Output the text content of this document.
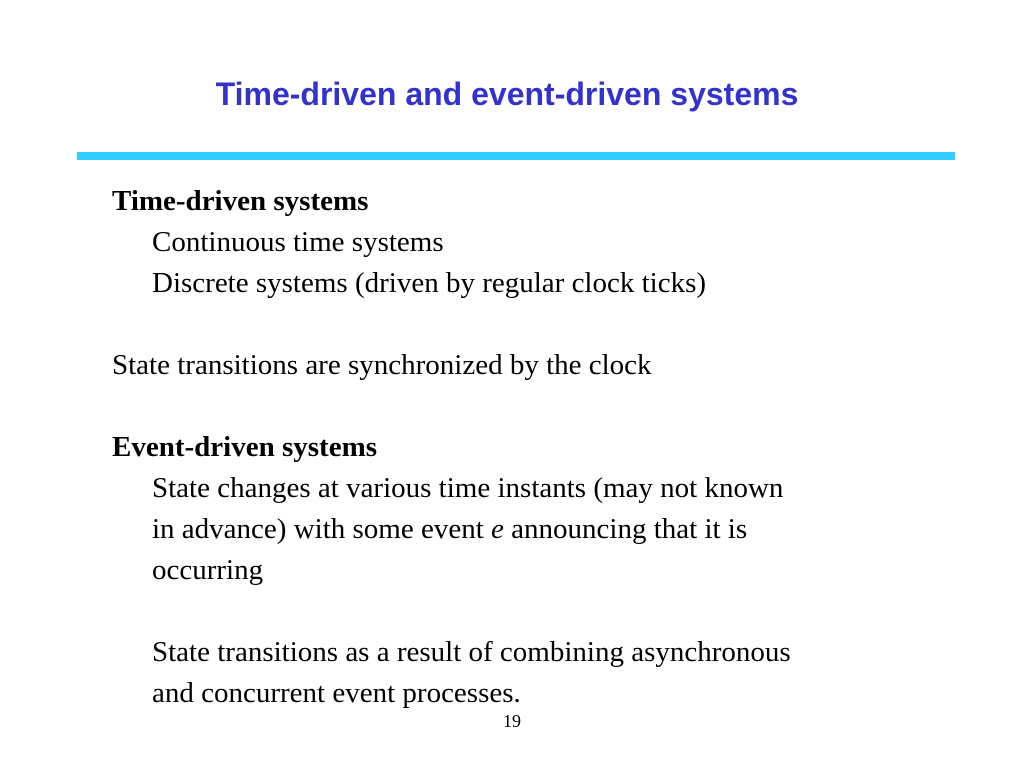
Time-driven and event-driven systems
Time-driven systems
Continuous time systems
Discrete systems (driven by regular clock ticks)
State transitions are synchronized by the clock
Event-driven systems
State changes at various time instants (may not known
in advance) with some event e announcing that it is
occurring
State transitions as a result of combining asynchronous
and concurrent event processes.
19
